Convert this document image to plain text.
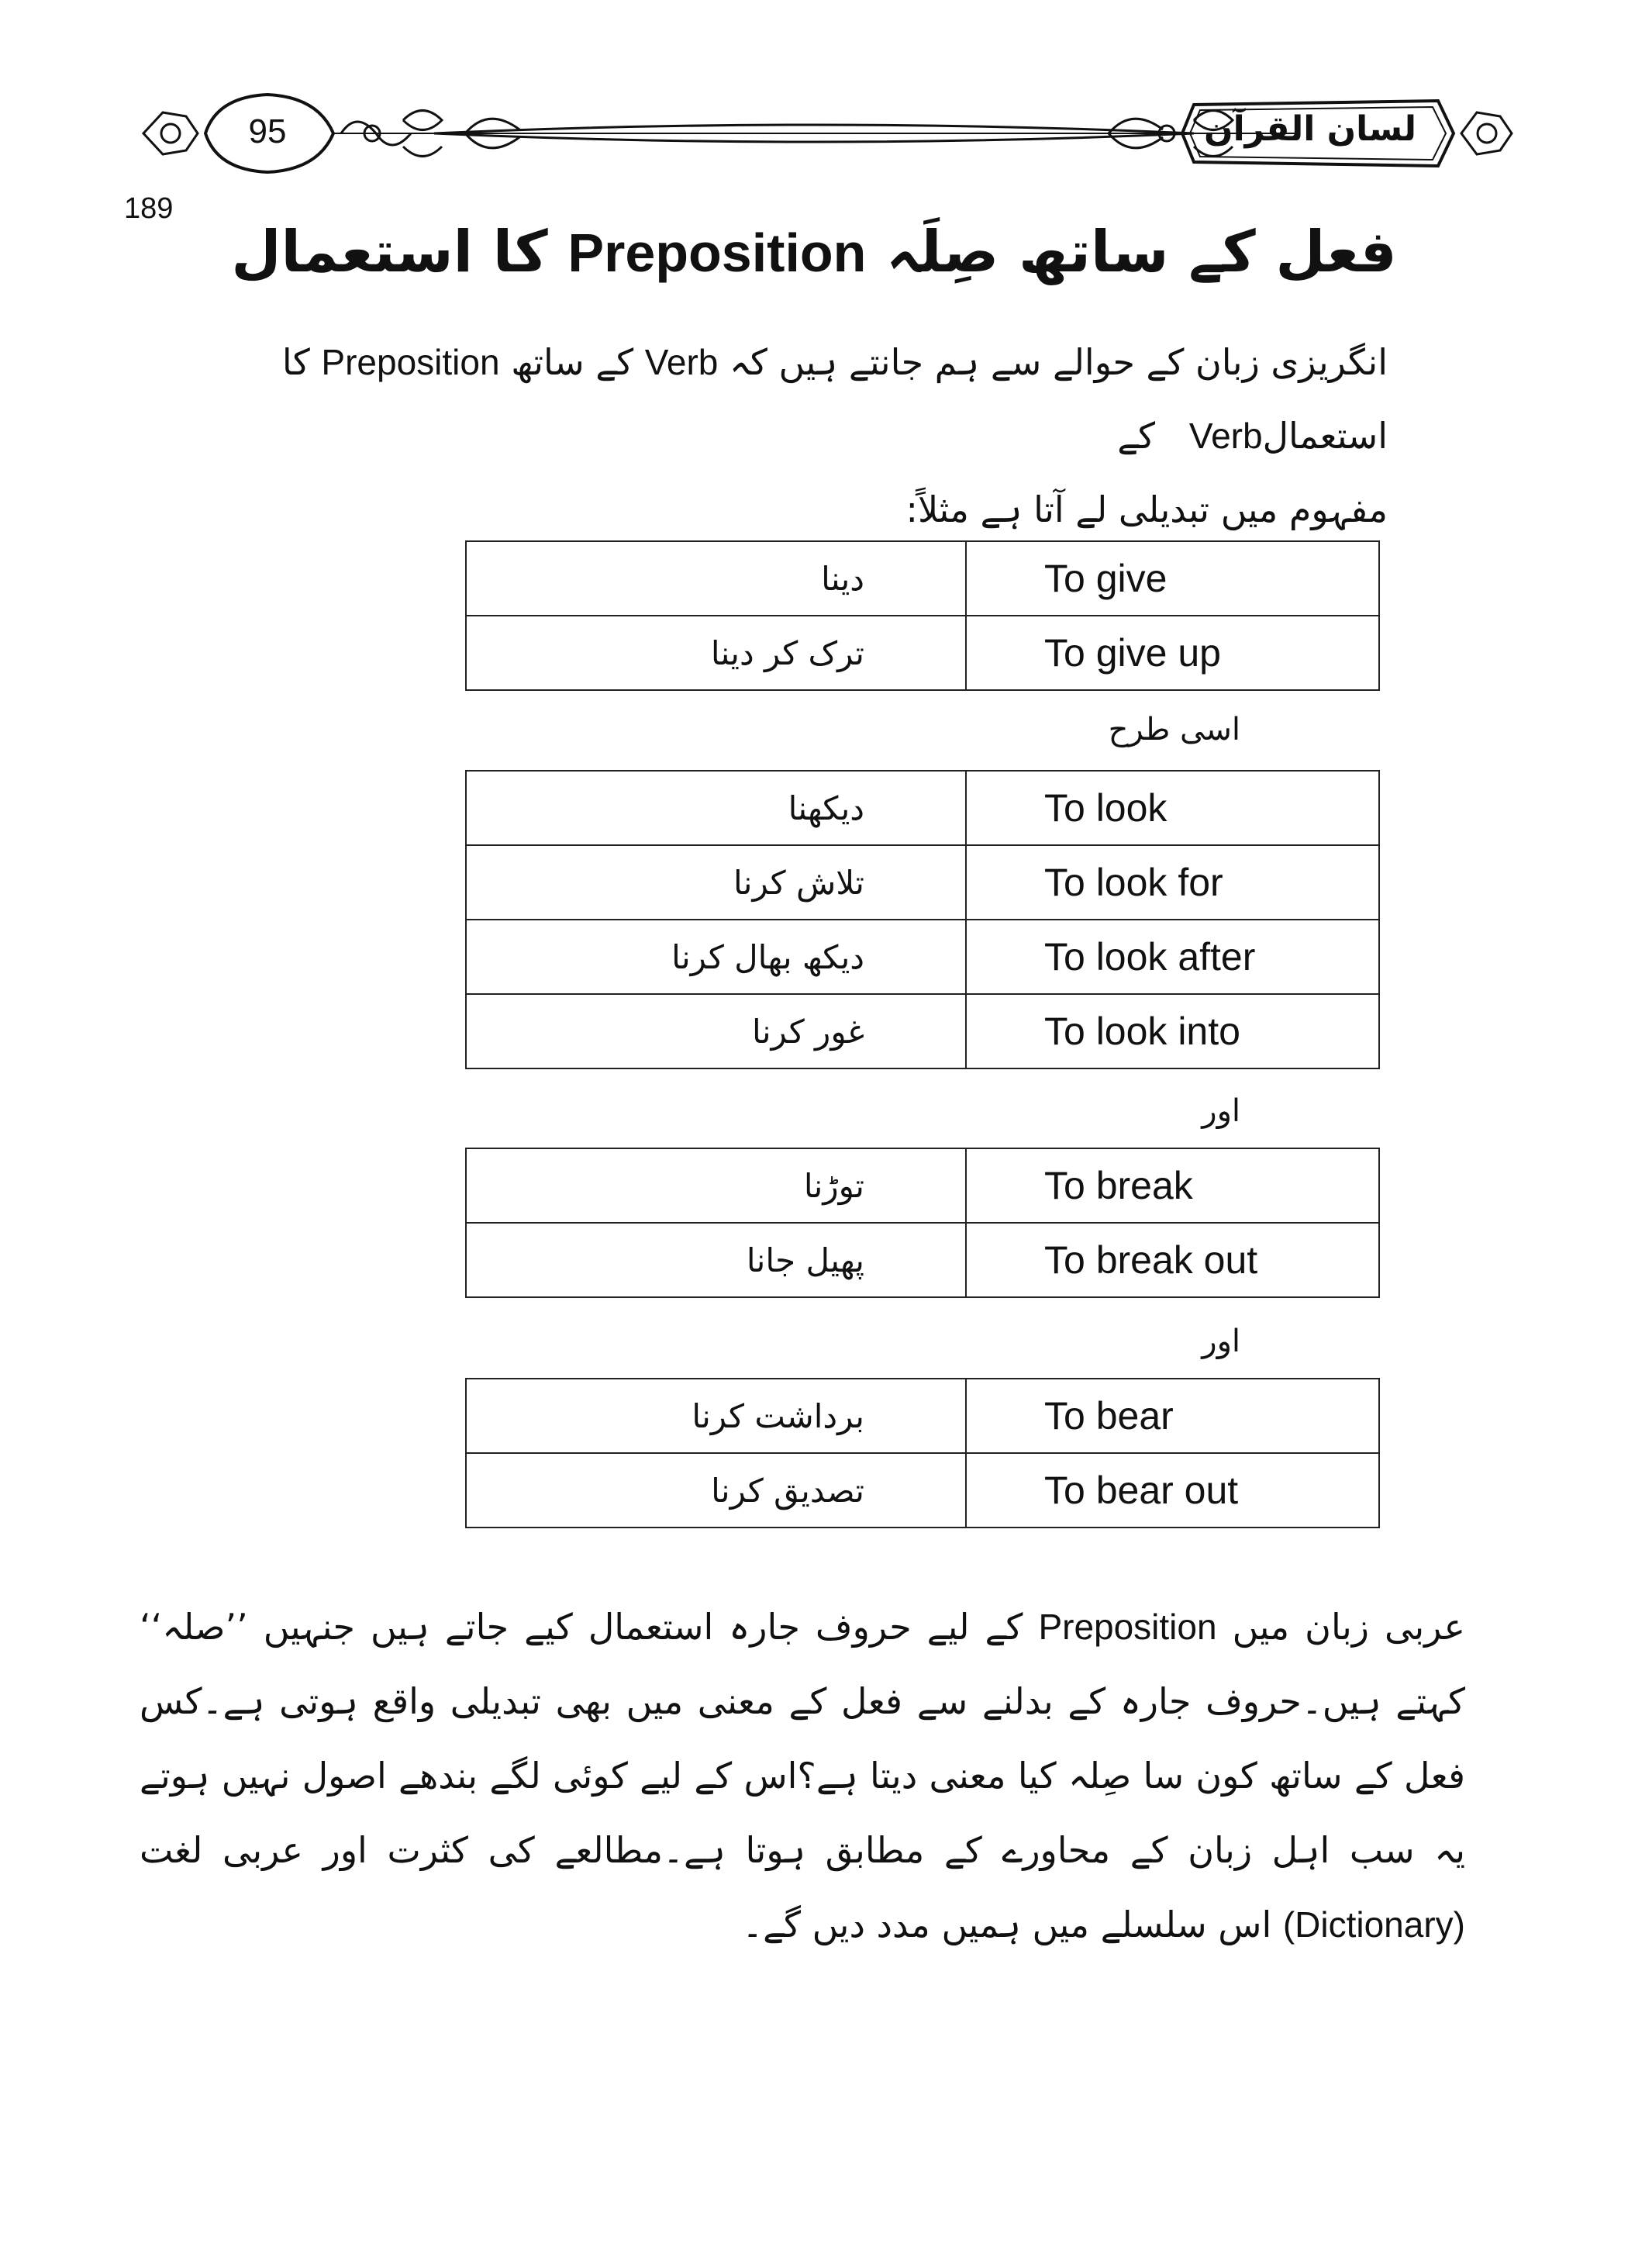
95	لسان القرآن
189
فعل کے ساتھ صِلَہ Preposition کا استعمال
انگریزی زبان کے حوالے سے ہم جانتے ہیں کہ Verb کے ساتھ Preposition کا استعمالVerb   کے
مفہوم میں تبدیلی لے آتا ہے مثلاً:
دینا	To give
ترک کر دینا	To give up
اسی طرح
دیکھنا	To look
تلاش کرنا	To look for
دیکھ بھال کرنا	To look after
غور کرنا	To look into
اور
توڑنا	To break
پھیل جانا	To break out
اور
برداشت کرنا	To bear
تصدیق کرنا	To bear out
عربی زبان میں Preposition کے لیے حروف جارہ استعمال کیے جاتے ہیں جنہیں ’’صلہ‘‘ کہتے ہیں۔حروف جارہ کے بدلنے سے فعل کے معنی میں بھی تبدیلی واقع ہوتی ہے۔کس فعل کے ساتھ کون سا صِلہ کیا معنی دیتا ہے؟اس کے لیے کوئی لگے بندھے اصول نہیں ہوتے یہ سب اہل زبان کے محاورے کے مطابق ہوتا ہے۔مطالعے کی کثرت اور عربی لغت (Dictionary) اس سلسلے میں ہمیں مدد دیں گے۔
